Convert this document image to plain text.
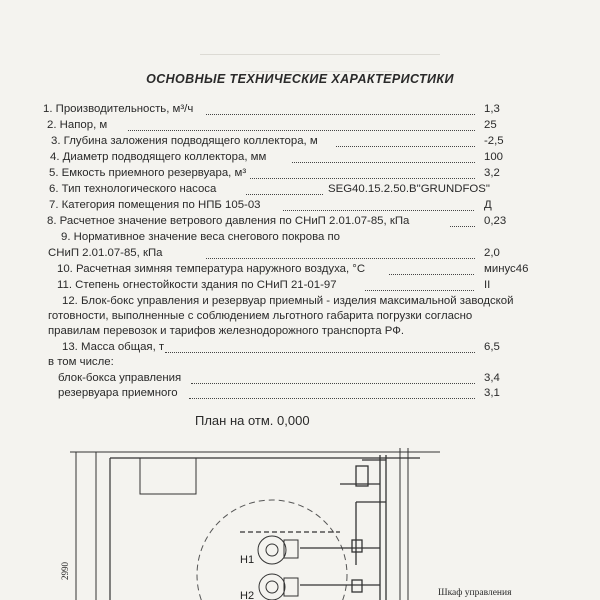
ОСНОВНЫЕ ТЕХНИЧЕСКИЕ ХАРАКТЕРИСТИКИ
1. Производительность, м³/ч	1,3
2. Напор, м	25
3. Глубина заложения подводящего коллектора, м	-2,5
4. Диаметр подводящего коллектора, мм	100
5. Емкость приемного резервуара, м³	3,2
6. Тип технологического насоса	SEG40.15.2.50.B"GRUNDFOS"
7. Категория помещения по НПБ 105-03	Д
8. Расчетное значение ветрового давления по СНиП 2.01.07-85, кПа	0,23
9. Нормативное значение веса снегового покрова по
СНиП 2.01.07-85, кПа	2,0
10. Расчетная зимняя температура наружного воздуха, °С	минус46
11. Степень огнестойкости здания по СНиП 21-01-97	II
12. Блок-бокс управления и резервуар приемный - изделия максимальной заводской
готовности, выполненные с соблюдением льготного габарита погрузки согласно
правилам перевозок и тарифов железнодорожного транспорта РФ.
13. Масса общая, т	6,5
в том числе:
блок-бокса управления	3,4
резервуара приемного	3,1
План на отм. 0,000
2990
Н1
Н2	Шкаф управления
